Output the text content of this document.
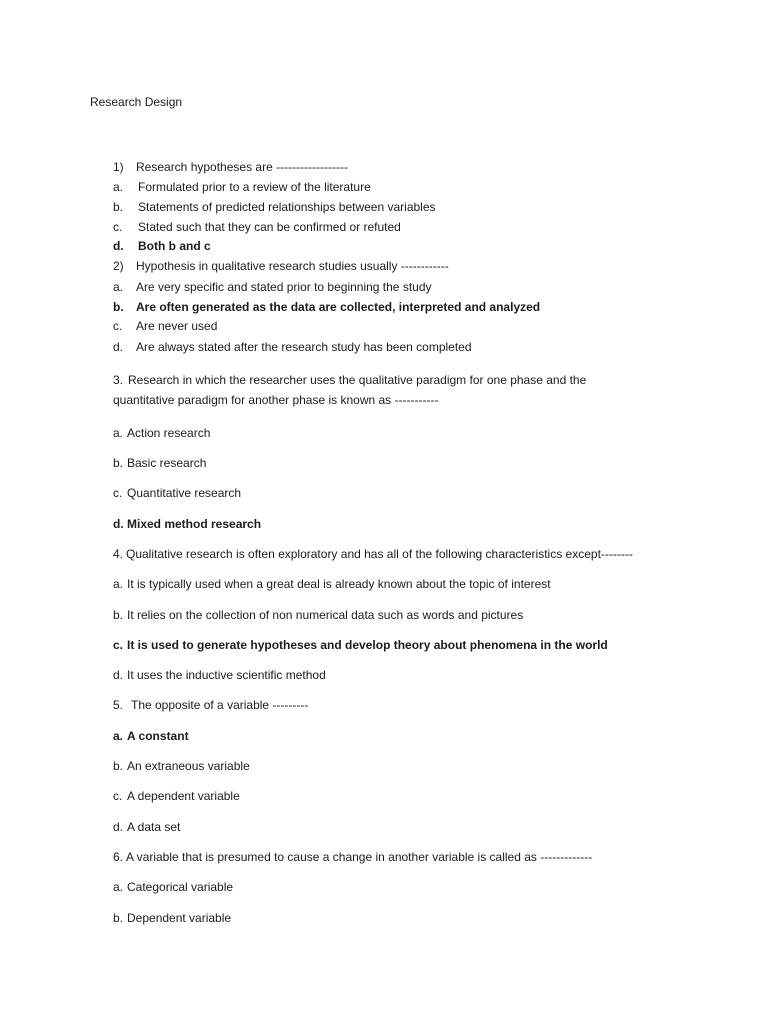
Research Design
1) Research hypotheses are ------------------
a. Formulated prior to a review of the literature
b. Statements of predicted relationships between variables
c. Stated such that they can be confirmed or refuted
d. Both b and c
2) Hypothesis in qualitative research studies usually ------------
a. Are very specific and stated prior to beginning the study
b. Are often generated as the data are collected, interpreted and analyzed
c. Are never used
d. Are always stated after the research study has been completed
3. Research in which the researcher uses the qualitative paradigm for one phase and the
quantitative paradigm for another phase is known as -----------
a. Action research
b. Basic research
c. Quantitative research
d. Mixed method research
4. Qualitative research is often exploratory and has all of the following characteristics except--------
a. It is typically used when a great deal is already known about the topic of interest
b. It relies on the collection of non numerical data such as words and pictures
c. It is used to generate hypotheses and develop theory about phenomena in the world
d. It uses the inductive scientific method
5. The opposite of a variable ---------
a. A constant
b. An extraneous variable
c. A dependent variable
d. A data set
6. A variable that is presumed to cause a change in another variable is called as -------------
a. Categorical variable
b. Dependent variable
